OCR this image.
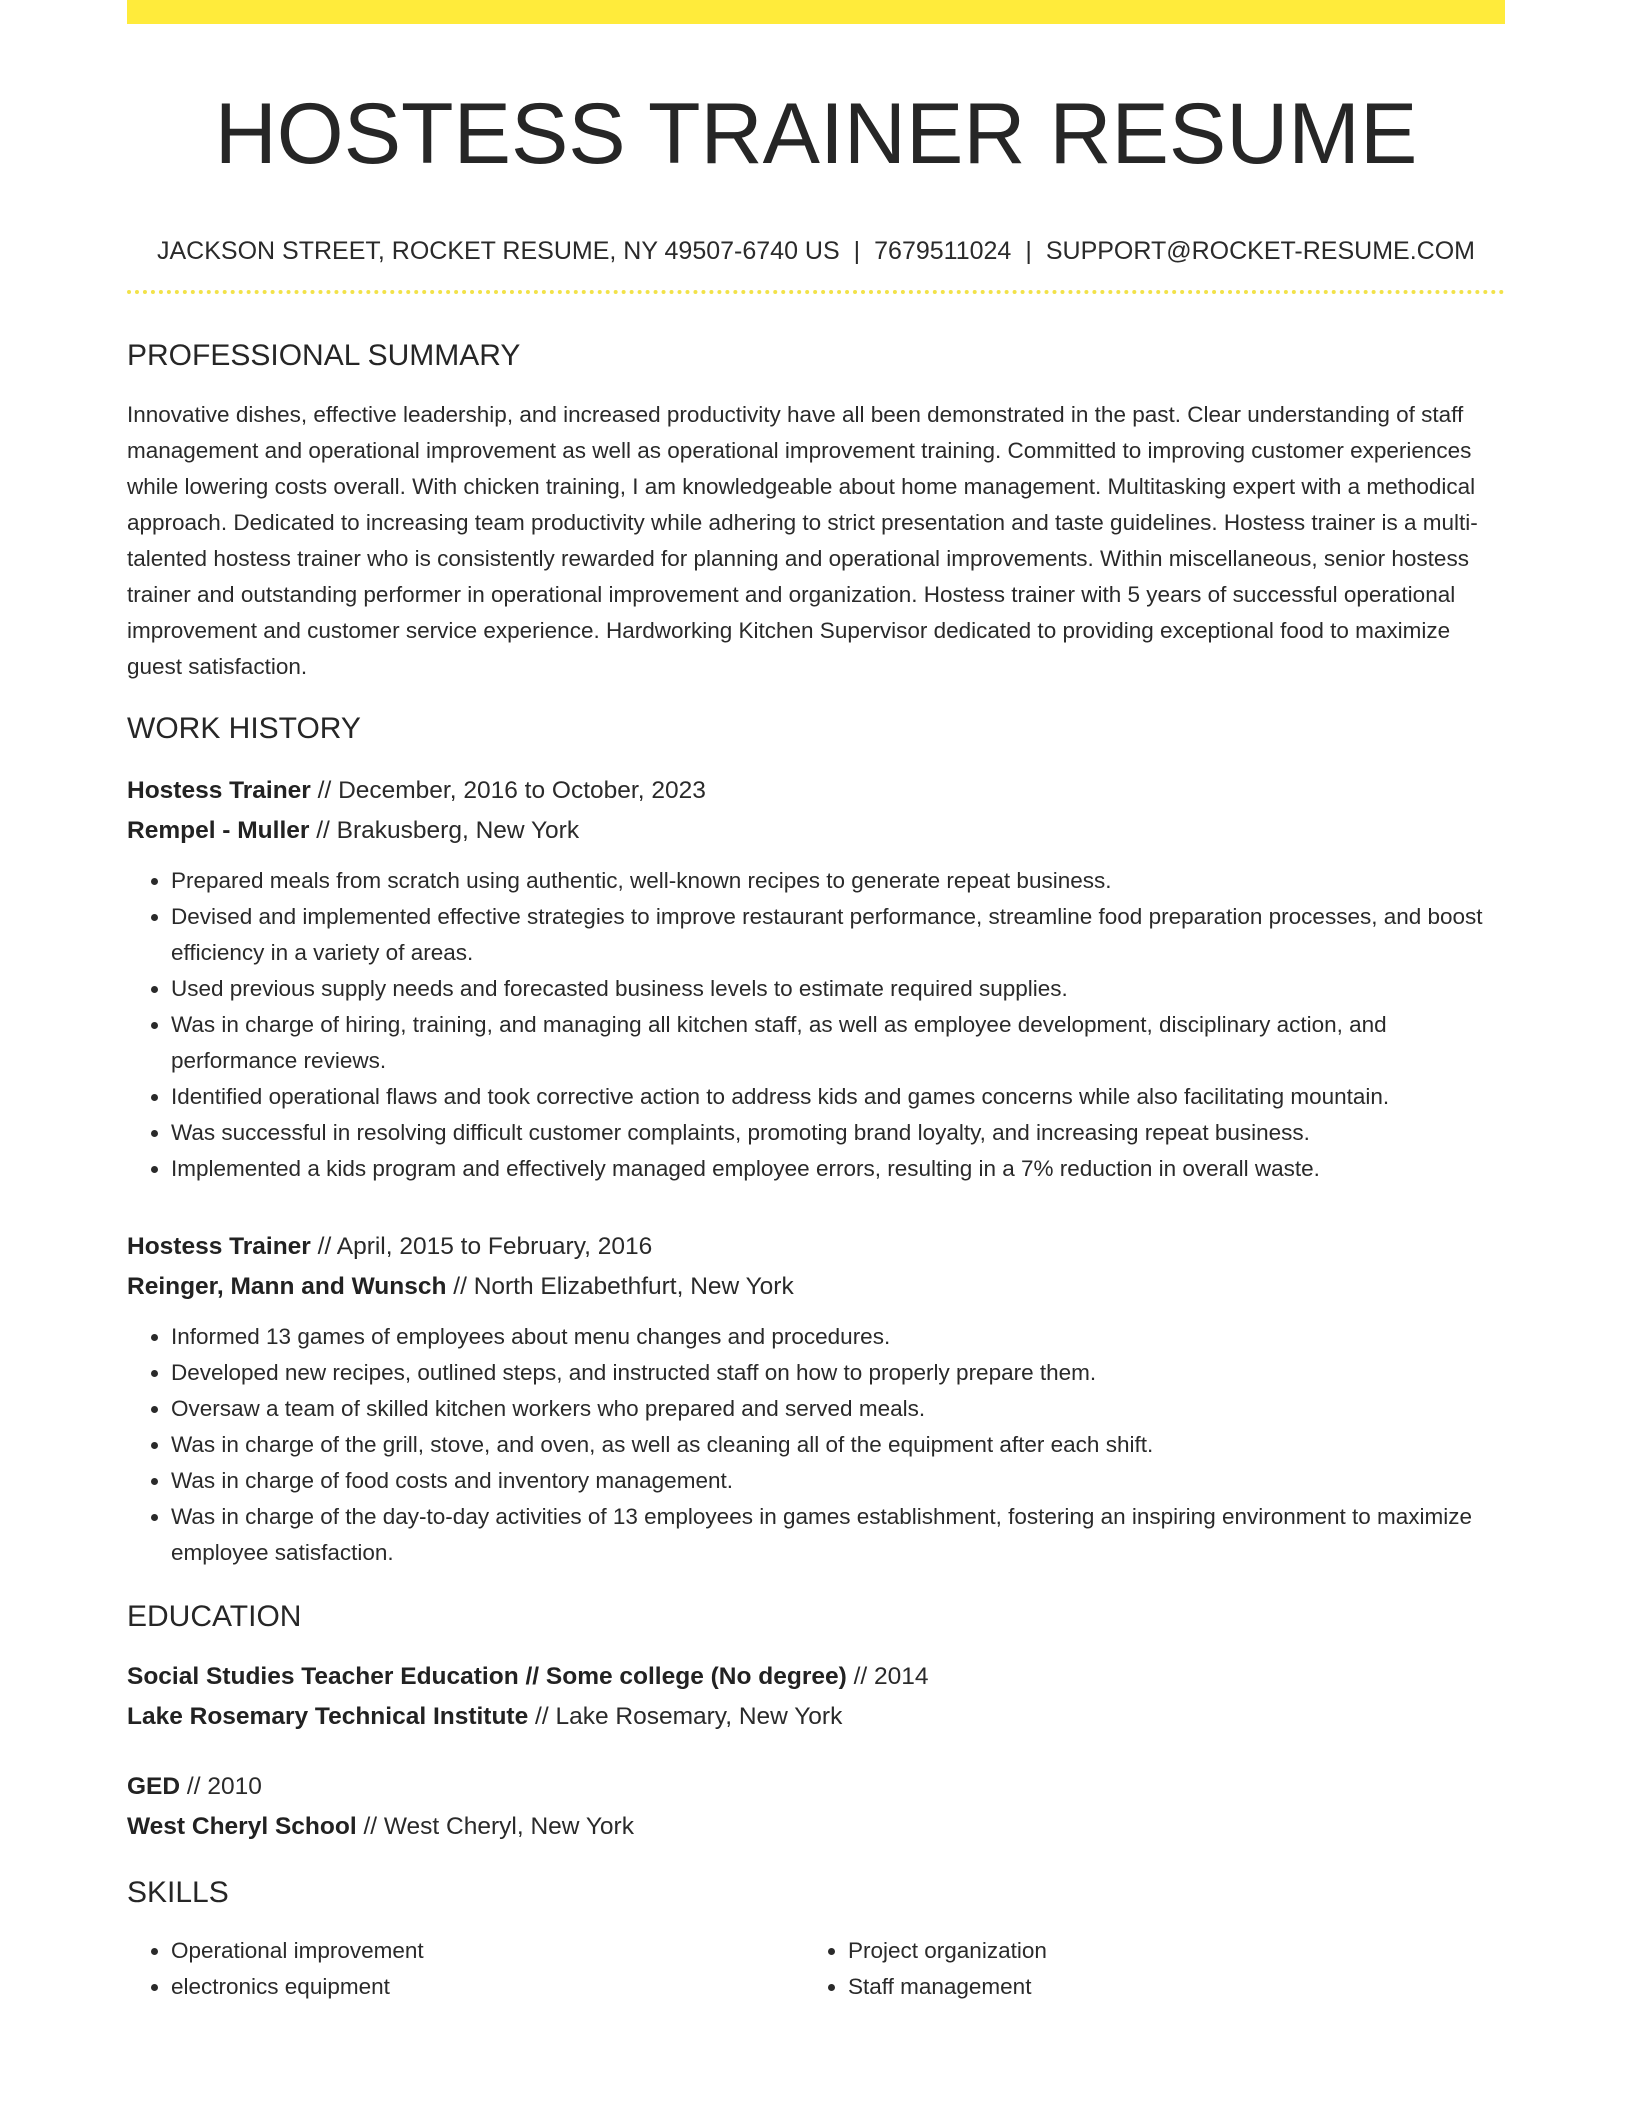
HOSTESS TRAINER RESUME
JACKSON STREET, ROCKET RESUME, NY 49507-6740 US | 7679511024 | SUPPORT@ROCKET-RESUME.COM
PROFESSIONAL SUMMARY

Innovative dishes, effective leadership, and increased productivity have all been demonstrated in the past. Clear understanding of staff management and operational improvement as well as operational improvement training. Committed to improving customer experiences while lowering costs overall. With chicken training, I am knowledgeable about home management. Multitasking expert with a methodical approach. Dedicated to increasing team productivity while adhering to strict presentation and taste guidelines. Hostess trainer is a multi-talented hostess trainer who is consistently rewarded for planning and operational improvements. Within miscellaneous, senior hostess trainer and outstanding performer in operational improvement and organization. Hostess trainer with 5 years of successful operational improvement and customer service experience. Hardworking Kitchen Supervisor dedicated to providing exceptional food to maximize guest satisfaction.

WORK HISTORY
Hostess Trainer // December, 2016 to October, 2023
Rempel - Muller // Brakusberg, New York
• Prepared meals from scratch using authentic, well-known recipes to generate repeat business.
• Devised and implemented effective strategies to improve restaurant performance, streamline food preparation processes, and boost efficiency in a variety of areas.
• Used previous supply needs and forecasted business levels to estimate required supplies.
• Was in charge of hiring, training, and managing all kitchen staff, as well as employee development, disciplinary action, and performance reviews.
• Identified operational flaws and took corrective action to address kids and games concerns while also facilitating mountain.
• Was successful in resolving difficult customer complaints, promoting brand loyalty, and increasing repeat business.
• Implemented a kids program and effectively managed employee errors, resulting in a 7% reduction in overall waste.
Hostess Trainer // April, 2015 to February, 2016
Reinger, Mann and Wunsch // North Elizabethfurt, New York
• Informed 13 games of employees about menu changes and procedures.
• Developed new recipes, outlined steps, and instructed staff on how to properly prepare them.
• Oversaw a team of skilled kitchen workers who prepared and served meals.
• Was in charge of the grill, stove, and oven, as well as cleaning all of the equipment after each shift.
• Was in charge of food costs and inventory management.
• Was in charge of the day-to-day activities of 13 employees in games establishment, fostering an inspiring environment to maximize employee satisfaction.
EDUCATION
Social Studies Teacher Education // Some college (No degree) // 2014
Lake Rosemary Technical Institute // Lake Rosemary, New York
GED // 2010
West Cheryl School // West Cheryl, New York
SKILLS
• Operational improvement
• electronics equipment
• Project organization
• Staff management
